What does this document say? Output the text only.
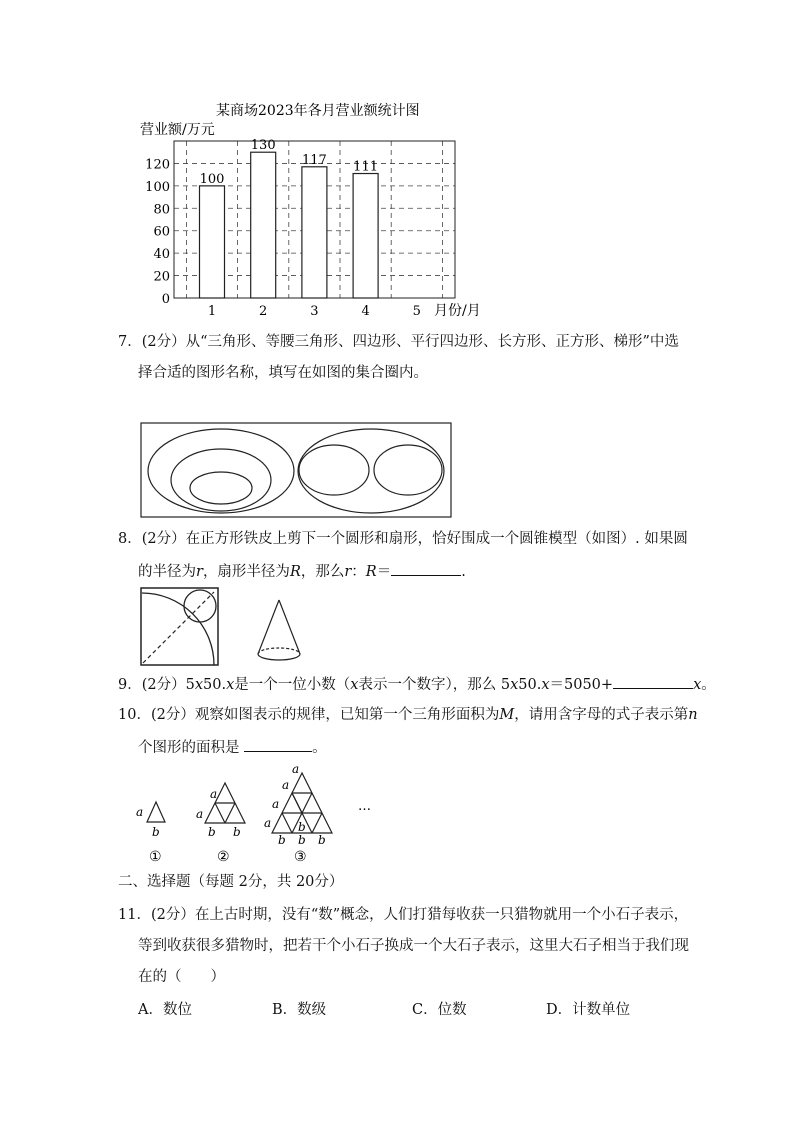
某商场2023年各月营业额统计图
营业额/万元
月份/月
0
20
40
60
80
100
120
1	2	3	4	5
100
130
117 111
7．(2分）从“三角形、等腰三角形、四边形、平行四边形、长方形、正方形、梯形”中选
择合适的图形名称，填写在如图的集合圈内。
8．(2分）在正方形铁皮上剪下一个圆形和扇形，恰好围成一个圆锥模型（如图）. 如果圆
的半径为r，扇形半径为R，那么r：R＝	.
9．(2分）5x50.x是一个一位小数（x表示一个数字），那么 5x50.x＝5050+	x。
10．(2分）观察如图表示的规律，已知第一个三角形面积为M，请用含字母的式子表示第n
个图形的面积是	。
a
b
a
a
b b
a
a
a
a b
b b b
…
①	②	③
二、选择题（每题 2分，共 20分）
11．(2分）在上古时期，没有“数”概念，人们打猎每收获一只猎物就用一个小石子表示，
等到收获很多猎物时，把若干个小石子换成一个大石子表示，这里大石子相当于我们现
在的（　　）
A．数位	B．数级	C．位数	D．计数单位
